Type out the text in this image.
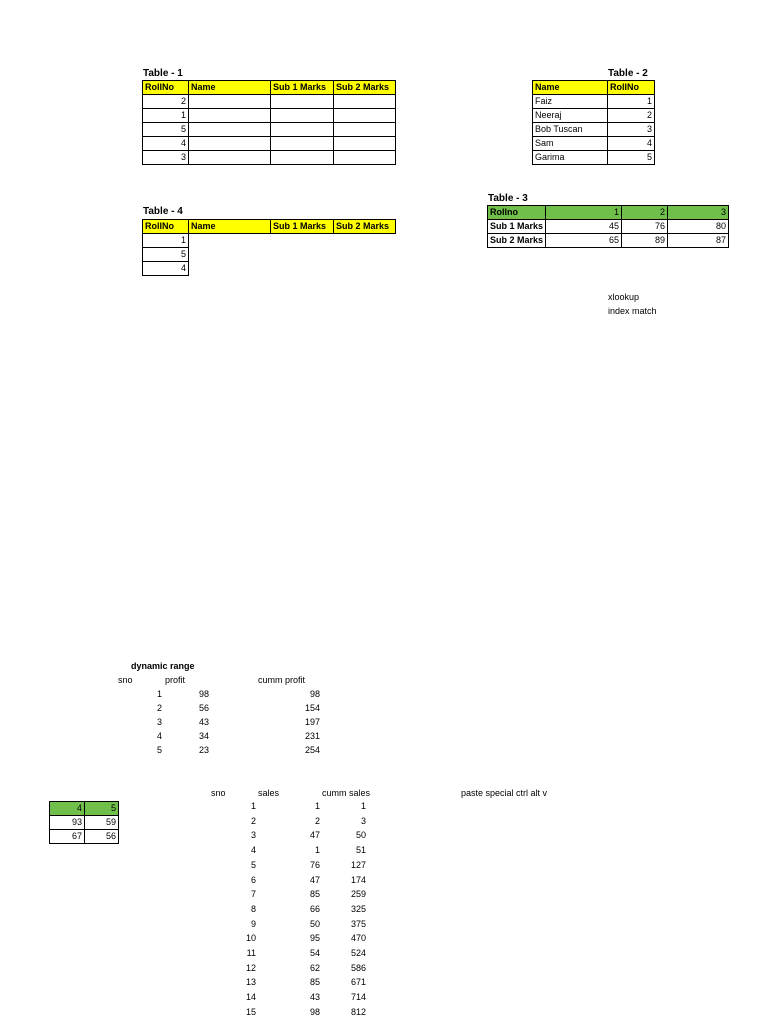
Table - 1
RollNo	Name	Sub 1 Marks	Sub 2 Marks
2			
1			
5			
4			
3			
Table - 2
Name	RollNo
Faiz	1
Neeraj	2
Bob Tuscan	3
Sam	4
Garima	5
Table - 3
Rollno	1	2	3
Sub 1 Marks	45	76	80
Sub 2 Marks	65	89	87
Table - 4
RollNo	Name	Sub 1 Marks	Sub 2 Marks
1
5
4
xlookup
index match
dynamic range
sno	profit	cumm profit
1	98	98
2	56	154
3	43	197
4	34	231
5	23	254
4	5
93	59
67	56
sno	sales	cumm sales	paste special ctrl alt v
1	1	1
2	2	3
3	47	50
4	1	51
5	76	127
6	47	174
7	85	259
8	66	325
9	50	375
10	95	470
11	54	524
12	62	586
13	85	671
14	43	714
15	98	812
